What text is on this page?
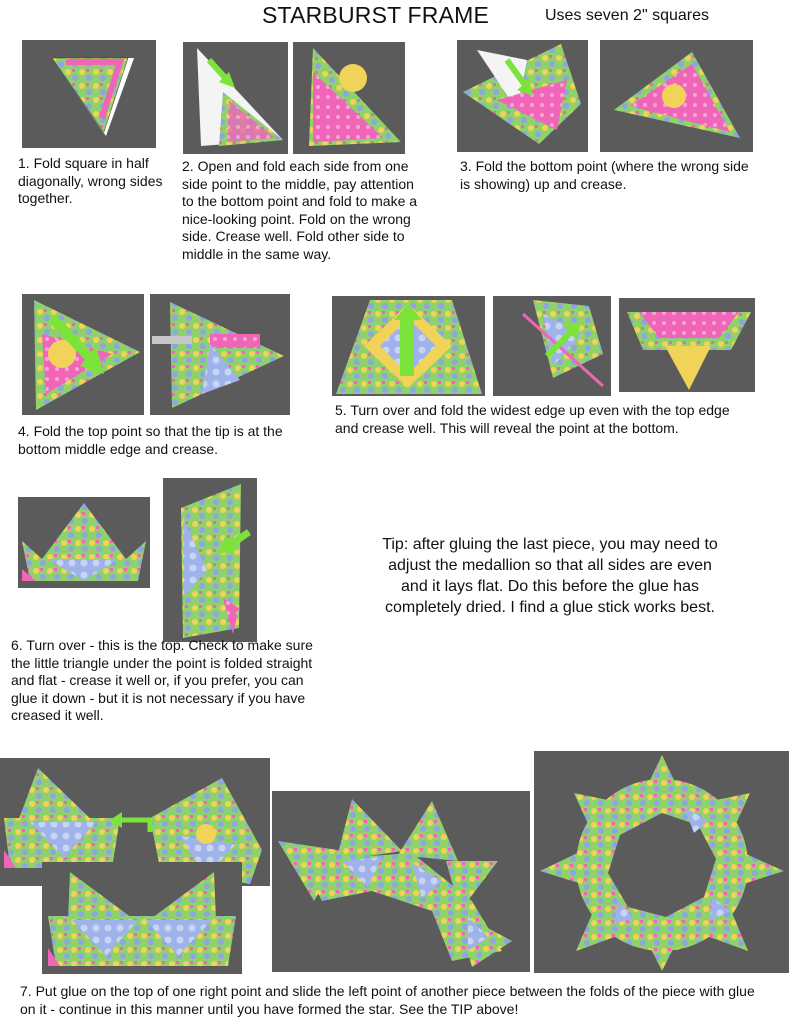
STARBURST FRAME	Uses seven 2" squares
1. Fold square in half diagonally, wrong sides together.
2. Open and fold each side from one side point to the middle, pay attention to the bottom point and fold to make a nice-looking point. Fold on the wrong side. Crease well. Fold other side to middle in the same way.
3. Fold the bottom point (where the wrong side is showing) up and crease.
4. Fold the top point so that the tip is at the bottom middle edge and crease.
5. Turn over and fold the widest edge up even with the top edge and crease well. This will reveal the point at the bottom.
6. Turn over - this is the top. Check to make sure the little triangle under the point is folded straight and flat - crease it well or, if you prefer, you can glue it down - but it is not necessary if you have creased it well.
Tip: after gluing the last piece, you may need to adjust the medallion so that all sides are even and it lays flat. Do this before the glue has completely dried. I find a glue stick works best.
7. Put glue on the top of one right point and slide the left point of another piece between the folds of the piece with glue on it - continue in this manner until you have formed the star. See the TIP above!
